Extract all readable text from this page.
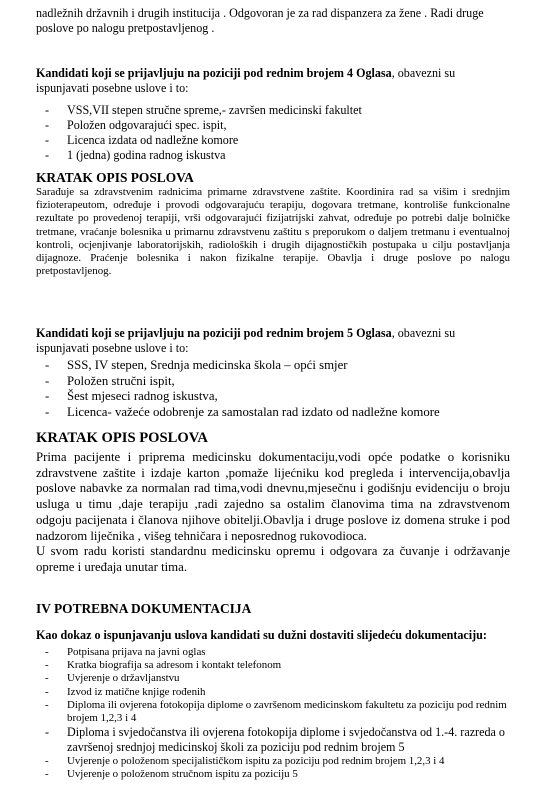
nadležnih državnih i drugih institucija . Odgovoran je za rad dispanzera za žene . Radi druge poslove po nalogu pretpostavljenog .

Kandidati koji se prijavljuju na poziciji pod rednim brojem 4 Oglasa, obavezni su ispunjavati posebne uslove i to:

- VSS,VII stepen stručne spreme,- završen medicinski fakultet
- Položen odgovarajući spec. ispit,
- Licenca izdata od nadležne komore
- 1 (jedna) godina radnog iskustva

KRATAK OPIS POSLOVA

Sarađuje sa zdravstvenim radnicima primarne zdravstvene zaštite. Koordinira rad sa višim i srednjim fizioterapeutom, određuje i provodi odgovarajuću terapiju, dogovara tretmane, kontroliše funkcionalne rezultate po provedenoj terapiji, vrši odgovarajući fizijatrijski zahvat, određuje po potrebi dalje bolničke tretmane, vraćanje bolesnika u primarnu zdravstvenu zaštitu s preporukom o daljem tretmanu i eventualnoj kontroli, ocjenjivanje laboratorijskih, radioloških i drugih dijagnostičkih postupaka u cilju postavljanja dijagnoze. Praćenje bolesnika i nakon fizikalne terapije. Obavlja i druge poslove po nalogu pretpostavljenog.

Kandidati koji se prijavljuju na poziciji pod rednim brojem 5 Oglasa, obavezni su ispunjavati posebne uslove i to:

- SSS, IV stepen, Srednja medicinska škola – opći smjer
- Položen stručni ispit,
- Šest mjeseci radnog iskustva,
- Licenca- važeće odobrenje za samostalan rad izdato od nadležne komore

KRATAK OPIS POSLOVA

Prima pacijente i priprema medicinsku dokumentaciju,vodi opće podatke o korisniku zdravstvene zaštite i izdaje karton ,pomaže lijećniku kod pregleda i intervencija,obavlja poslove nabavke za normalan rad tima,vodi dnevnu,mjesečnu i godišnju evidenciju o broju usluga u timu ,daje terapiju ,radi zajedno sa ostalim članovima tima na zdravstvenom odgoju pacijenata i članova njihove obitelji.Obavlja i druge poslove iz domena struke i pod nadzorom liječnika , višeg tehničara i neposrednog rukovodioca.

U svom radu koristi standardnu medicinsku opremu i odgovara za čuvanje i održavanje opreme i uređaja unutar tima.

IV POTREBNA DOKUMENTACIJA

Kao dokaz o ispunjavanju uslova kandidati su dužni dostaviti slijedeću dokumentaciju:

- Potpisana prijava na javni oglas
- Kratka biografija sa adresom i kontakt telefonom
- Uvjerenje o državljanstvu
- Izvod iz matične knjige rođenih
- Diploma ili ovjerena fotokopija diplome o završenom medicinskom fakultetu za poziciju pod rednim brojem 1,2,3 i 4
- Diploma i svjedočanstva ili ovjerena fotokopija diplome i svjedočanstva od 1.-4. razreda o završenoj srednjoj medicinskoj školi za poziciju pod rednim brojem 5
- Uvjerenje o položenom specijalističkom ispitu za poziciju pod rednim brojem 1,2,3 i 4
- Uvjerenje o položenom stručnom ispitu za poziciju 5
